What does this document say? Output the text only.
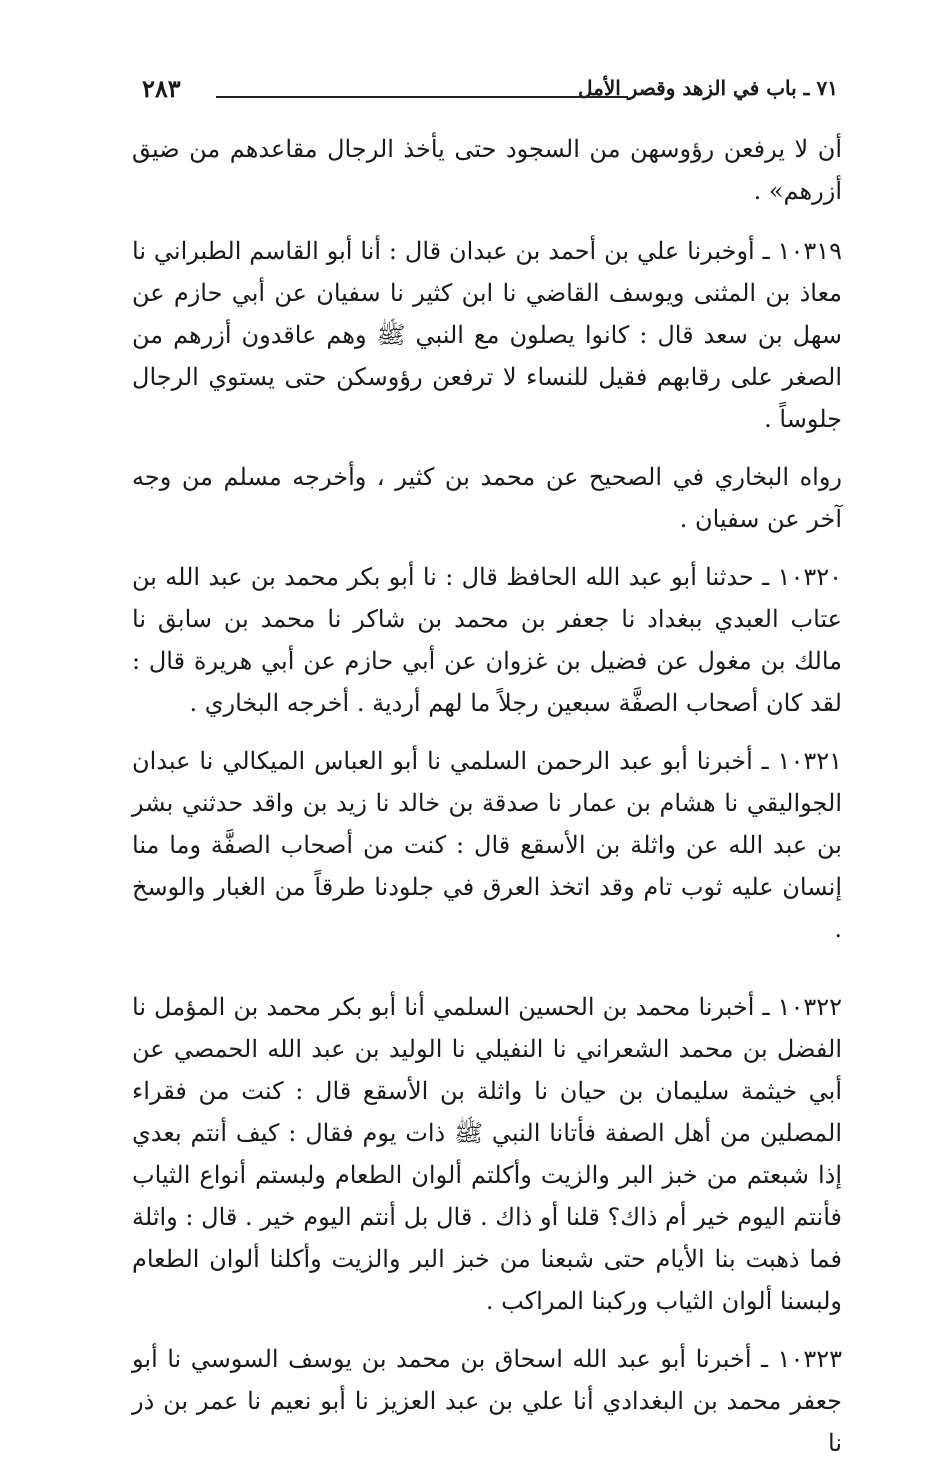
٧١ ـ باب في الزهد وقصر الأمل
٢٨٣

أن لا يرفعن رؤوسهن من السجود حتى يأخذ الرجال مقاعدهم من ضيق أزرهم» .

١٠٣١٩ ـ أوخبرنا علي بن أحمد بن عبدان قال : أنا أبو القاسم الطبراني نا معاذ بن المثنى ويوسف القاضي نا ابن كثير نا سفيان عن أبي حازم عن سهل بن سعد قال : كانوا يصلون مع النبي ﷺ وهم عاقدون أزرهم من الصغر على رقابهم فقيل للنساء لا ترفعن رؤوسكن حتى يستوي الرجال جلوساً .

رواه البخاري في الصحيح عن محمد بن كثير ، وأخرجه مسلم من وجه آخر عن سفيان .

١٠٣٢٠ ـ حدثنا أبو عبد الله الحافظ قال : نا أبو بكر محمد بن عبد الله بن عتاب العبدي ببغداد نا جعفر بن محمد بن شاكر نا محمد بن سابق نا مالك بن مغول عن فضيل بن غزوان عن أبي حازم عن أبي هريرة قال : لقد كان أصحاب الصفَّة سبعين رجلاً ما لهم أردية . أخرجه البخاري .

١٠٣٢١ ـ أخبرنا أبو عبد الرحمن السلمي نا أبو العباس الميكالي نا عبدان الجواليقي نا هشام بن عمار نا صدقة بن خالد نا زيد بن واقد حدثني بشر بن عبد الله عن واثلة بن الأسقع قال : كنت من أصحاب الصفَّة وما منا إنسان عليه ثوب تام وقد اتخذ العرق في جلودنا طرقاً من الغبار والوسخ .

١٠٣٢٢ ـ أخبرنا محمد بن الحسين السلمي أنا أبو بكر محمد بن المؤمل نا الفضل بن محمد الشعراني نا النفيلي نا الوليد بن عبد الله الحمصي عن أبي خيثمة سليمان بن حيان نا واثلة بن الأسقع قال : كنت من فقراء المصلين من أهل الصفة فأتانا النبي ﷺ ذات يوم فقال : كيف أنتم بعدي إذا شبعتم من خبز البر والزيت وأكلتم ألوان الطعام ولبستم أنواع الثياب فأنتم اليوم خير أم ذاك؟ قلنا أو ذاك . قال بل أنتم اليوم خير . قال : واثلة فما ذهبت بنا الأيام حتى شبعنا من خبز البر والزيت وأكلنا ألوان الطعام ولبسنا ألوان الثياب وركبنا المراكب .

١٠٣٢٣ ـ أخبرنا أبو عبد الله اسحاق بن محمد بن يوسف السوسي نا أبو جعفر محمد بن البغدادي أنا علي بن عبد العزيز نا أبو نعيم نا عمر بن ذر نا
